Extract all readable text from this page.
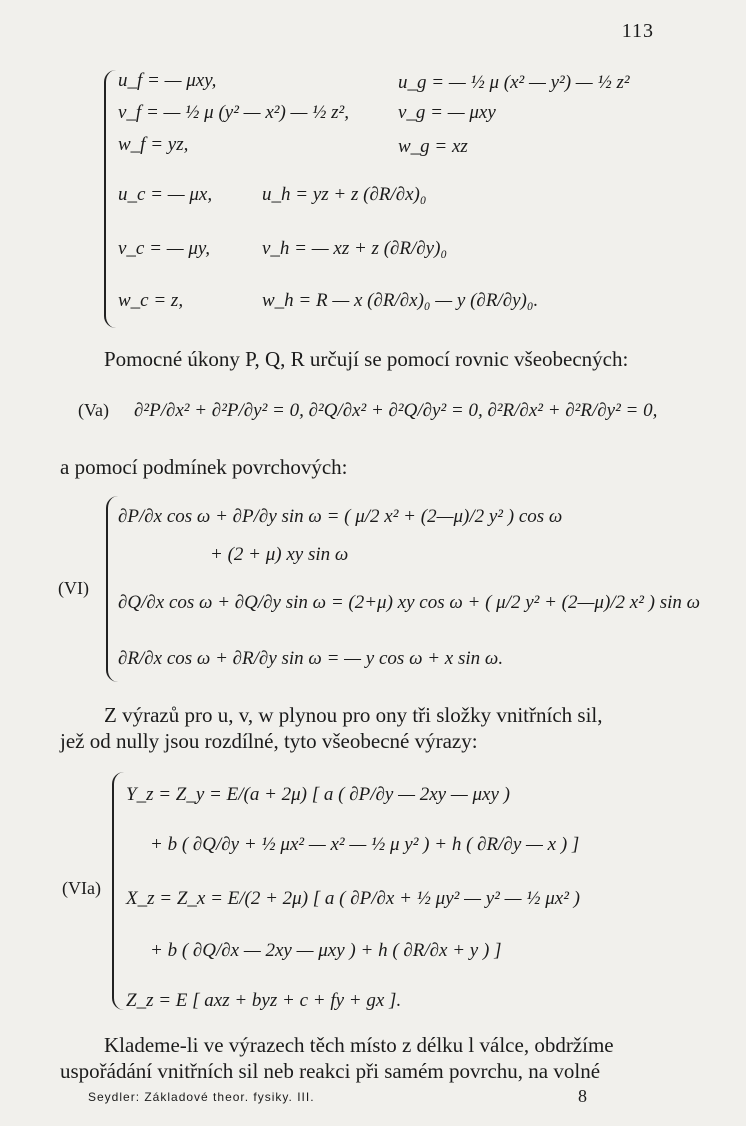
113
u_f = — μxy,	u_g = — ½ μ (x² — y²) — ½ z²
v_f = — ½ μ (y² — x²) — ½ z²,	v_g = — μxy
w_f = yz,	w_g = xz
u_c = — μx,	u_h = yz + z (∂R/∂x)₀
v_c = — μy,	v_h = — xz + z (∂R/∂y)₀
w_c = z,	w_h = R — x (∂R/∂x)₀ — y (∂R/∂y)₀.
Pomocné úkony P, Q, R určují se pomocí rovnic všeobecných:
(Va) ∂²P/∂x² + ∂²P/∂y² = 0, ∂²Q/∂x² + ∂²Q/∂y² = 0, ∂²R/∂x² + ∂²R/∂y² = 0,
a pomocí podmínek povrchových:
(VI)
∂P/∂x cos ω + ∂P/∂y sin ω = ( μ/2 x² + (2—μ)/2 y² ) cos ω
+ (2 + μ) xy sin ω
∂Q/∂x cos ω + ∂Q/∂y sin ω = (2+μ) xy cos ω + ( μ/2 y² + (2—μ)/2 x² ) sin ω
∂R/∂x cos ω + ∂R/∂y sin ω = — y cos ω + x sin ω.
Z výrazů pro u, v, w plynou pro ony tři složky vnitřních sil,
jež od nully jsou rozdílné, tyto všeobecné výrazy:
(VIa)
Y_z = Z_y = E/(a + 2μ) [ a ( ∂P/∂y — 2xy — μxy )
+ b ( ∂Q/∂y + ½ μx² — x² — ½ μ y² ) + h ( ∂R/∂y — x ) ]
X_z = Z_x = E/(2 + 2μ) [ a ( ∂P/∂x + ½ μy² — y² — ½ μx² )
+ b ( ∂Q/∂x — 2xy — μxy ) + h ( ∂R/∂x + y ) ]
Z_z = E [ axz + byz + c + fy + gx ].
Klademe-li ve výrazech těch místo z délku l válce, obdržíme
uspořádání vnitřních sil neb reakci při samém povrchu, na volné
Seydler: Základové theor. fysiky. III.	8
